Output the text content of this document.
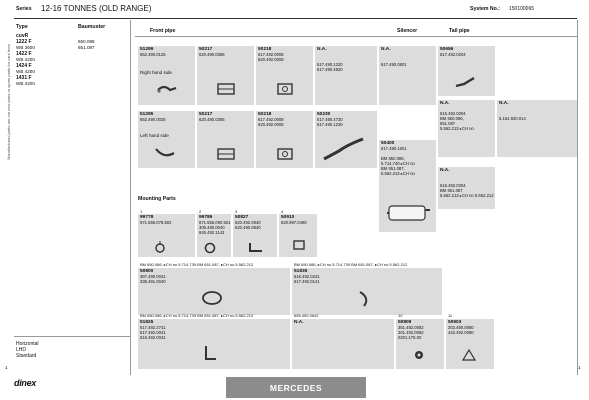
Series 12-16 TONNES (OLD RANGE)	System No.: 150100065
Type	Baumuster
cuvR
1222 F
WB 3600
1422 F
WB 4200
1424 F
WB 4200
1431 F
WB 4200
650.088
651.087
Manufactured parts are not new parts or spare parts for cars from
Horizontal
LHD
Standard
dinex
Front pipe	Silencer	Tail pipe
51299
652.490.0125
Right hand side
50217
620.490.0365
50218
617.492.0008
620.492.0008
N.A.

617.490.1320
617.490.4820
N.A.

617.490.0801
50656
617.492.0204
51295
652.490.0025
Left hand side
50217
620.490.0365
50218
617.492.0008
620.492.0008
50230
617.490.4730
617.490.1230
N.A.

615.492.0204
BM 650.086,
651.087
5.562.213 ▸CH no
N.A.

6.154.920.014
50400
617.490.1601

BM 650.086,
5.714.740 ▸CH no
BM 651.087,
5.562.213 ▸CH no
N.A.

616.492.0304
BM 651.087
5.562.213 ▸CH no 5.562.212
Mounting Parts
1
99778
671.555.078.502
2
99789
671.555.090.501
305.490.0040
845.492.1143
3
50827
620.492.0840
620.490.0840
4
50910
620.997.0490
BM 650.086, ▸CH no 5.714.739 BM 651.087, ▸CH no 5.562.212
50800
387.490.0041
335.491.0040
BM 650.086, ▸CH no 5.714.739 BM 651.087, ▸CH no 5.562.212
51835
616.492.0241
617.492.0141
BM 650.086, ▸CH no 5.714.739 BM 651.087, ▸CH no 5.562.212
51826
617.492.2741
617.492.0041
616.492.0041
655.490.0642
N.A.
10
50809
351.492.0082
301.492.0082
0201.175.00
11
50903
302.490.0080
442.492.0080
1
1
MERCEDES
